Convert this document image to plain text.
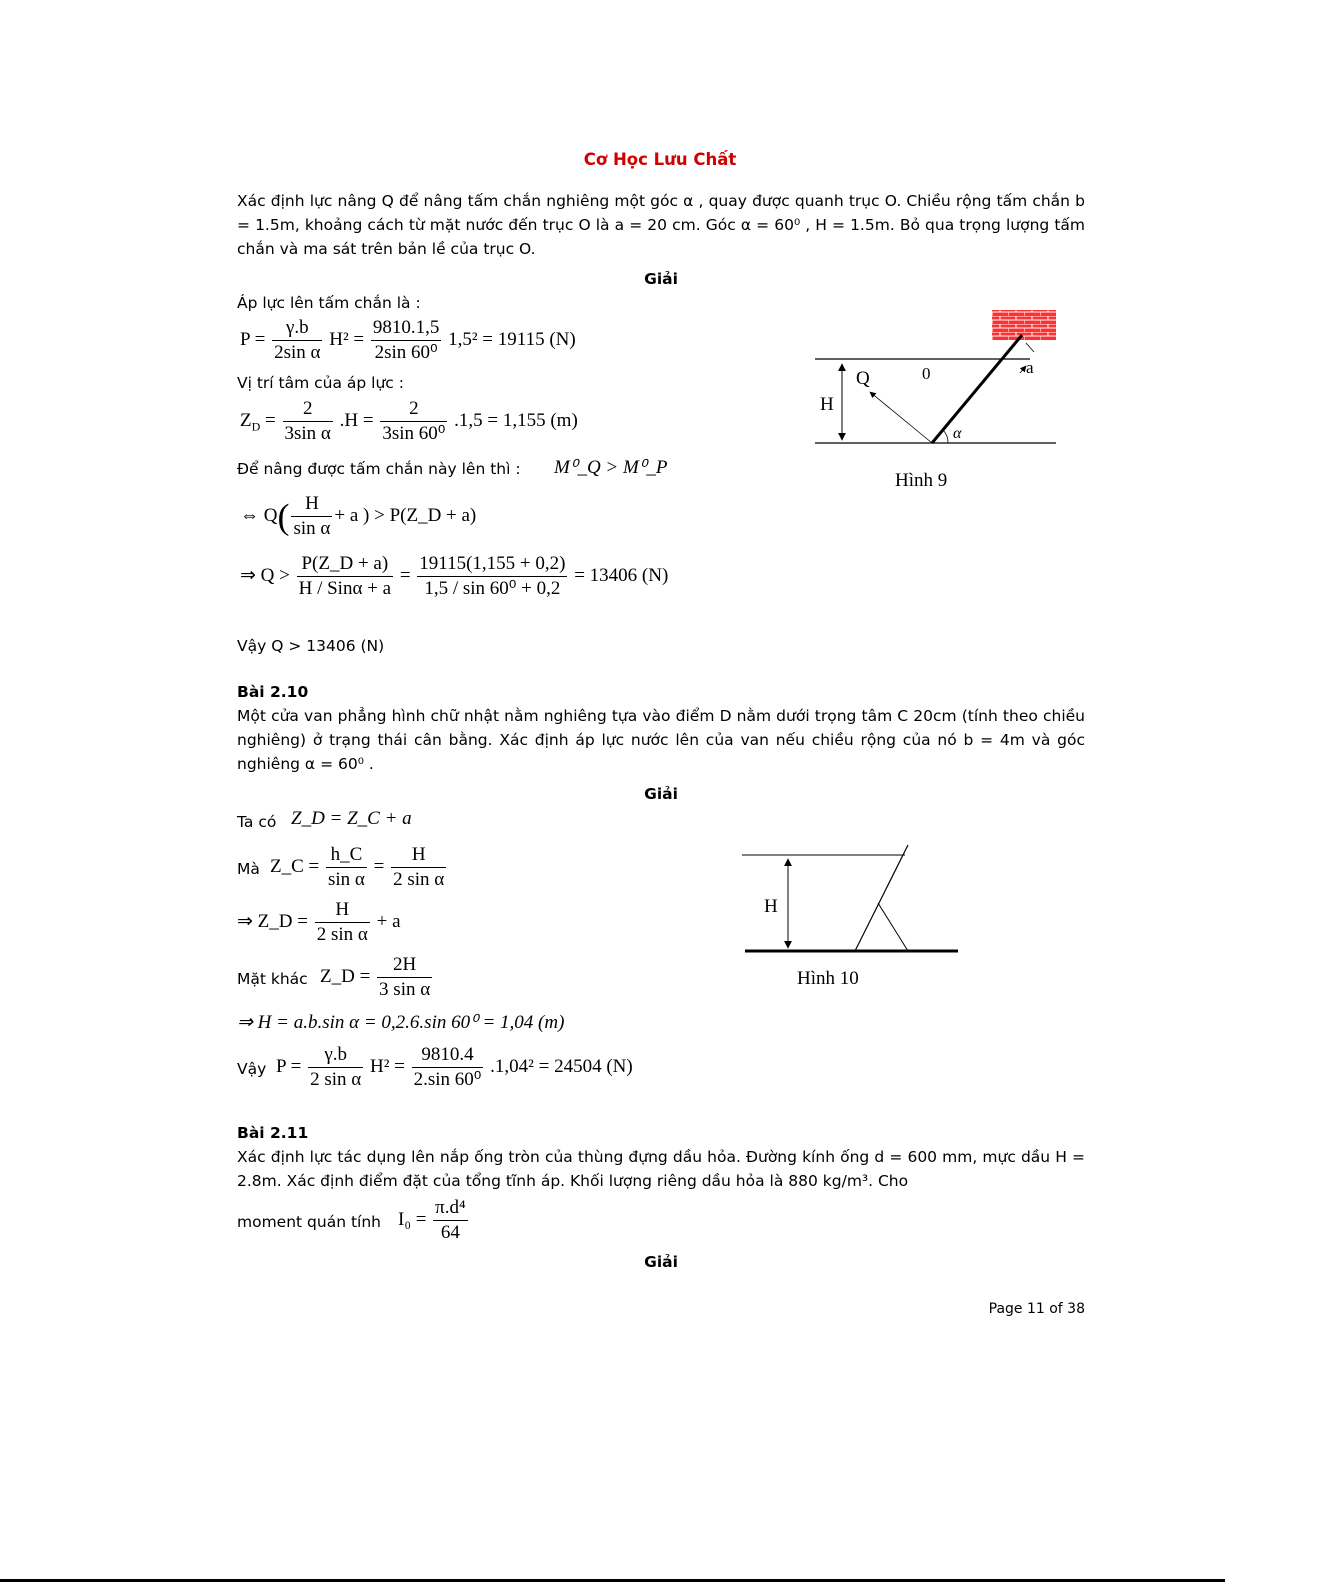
Cơ Học Lưu Chất
Xác định lực nâng Q để nâng tấm chắn nghiêng một góc α , quay được quanh trục O. Chiều rộng tấm chắn b = 1.5m, khoảng cách từ mặt nước đến trục O là a = 20 cm. Góc α = 60⁰ , H = 1.5m. Bỏ qua trọng lượng tấm chắn và ma sát trên bản lề của trục O.
Giải
Áp lực lên tấm chắn là :
$P = \frac{\gamma.b}{\text{2sin α}} H^2 = \frac{9810.1,5}{\text{2sin 60⁰}} 1,5^2 = 19115$ (N)
Vị trí tâm của áp lực :
$Z_D = \frac{2}{\text{3sin α}} .H = \frac{2}{\text{3sin 60⁰}} .1,5 = 1,155$ (m)
Để nâng được tấm chắn này lên thì : M⁰_Q > M⁰_P
⇔ $Q( \frac{H}{\text{sin α}} + a$ ) > P(Z_D + a)
⇒ $Q > \frac{P(Z\_D + a)}{\text{H / Sinα + a}} = \frac{19115(1,155 + 0,2)}{\text{1,5 / sin 60⁰ + 0,2}} = 13406$ (N)
Vậy Q > 13406 (N)
Q	0	a
H
α
Hình 9
Bài 2.10
Một cửa van phẳng hình chữ nhật nằm nghiêng tựa vào điểm D nằm dưới trọng tâm C 20cm (tính theo chiều nghiêng) ở trạng thái cân bằng. Xác định áp lực nước lên của van nếu chiều rộng của nó b = 4m và góc nghiêng α = 60⁰ .
Giải
Ta có Z_D = Z_C + a
Mà Z_C = $\frac{h\_C}{\text{sin α}} = \frac{H}{\text{2 sin α}}$
⇒ Z_D = $\frac{H}{\text{2 sin α}} + a$
Mặt khác Z_D = $\frac{2H}{\text{3 sin α}}$
⇒ H = a.b.sin α = 0,2.6.sin 60⁰ = 1,04 (m)
Vậy $P = \frac{\gamma.b}{\text{2 sin α}} H^2 = \frac{9810.4}{\text{2.sin 60⁰}} .1,04^2 = 24504$ (N)
H
Hình 10
Bài 2.11
Xác định lực tác dụng lên nắp ống tròn của thùng đựng dầu hỏa. Đường kính ống d = 600 mm, mực dầu H = 2.8m. Xác định điểm đặt của tổng tĩnh áp. Khối lượng riêng dầu hỏa là 880 kg/m³. Cho
moment quán tính $I_0 = \frac{\text{π.d⁴}}{64}$
Giải
Page 11 of 38
